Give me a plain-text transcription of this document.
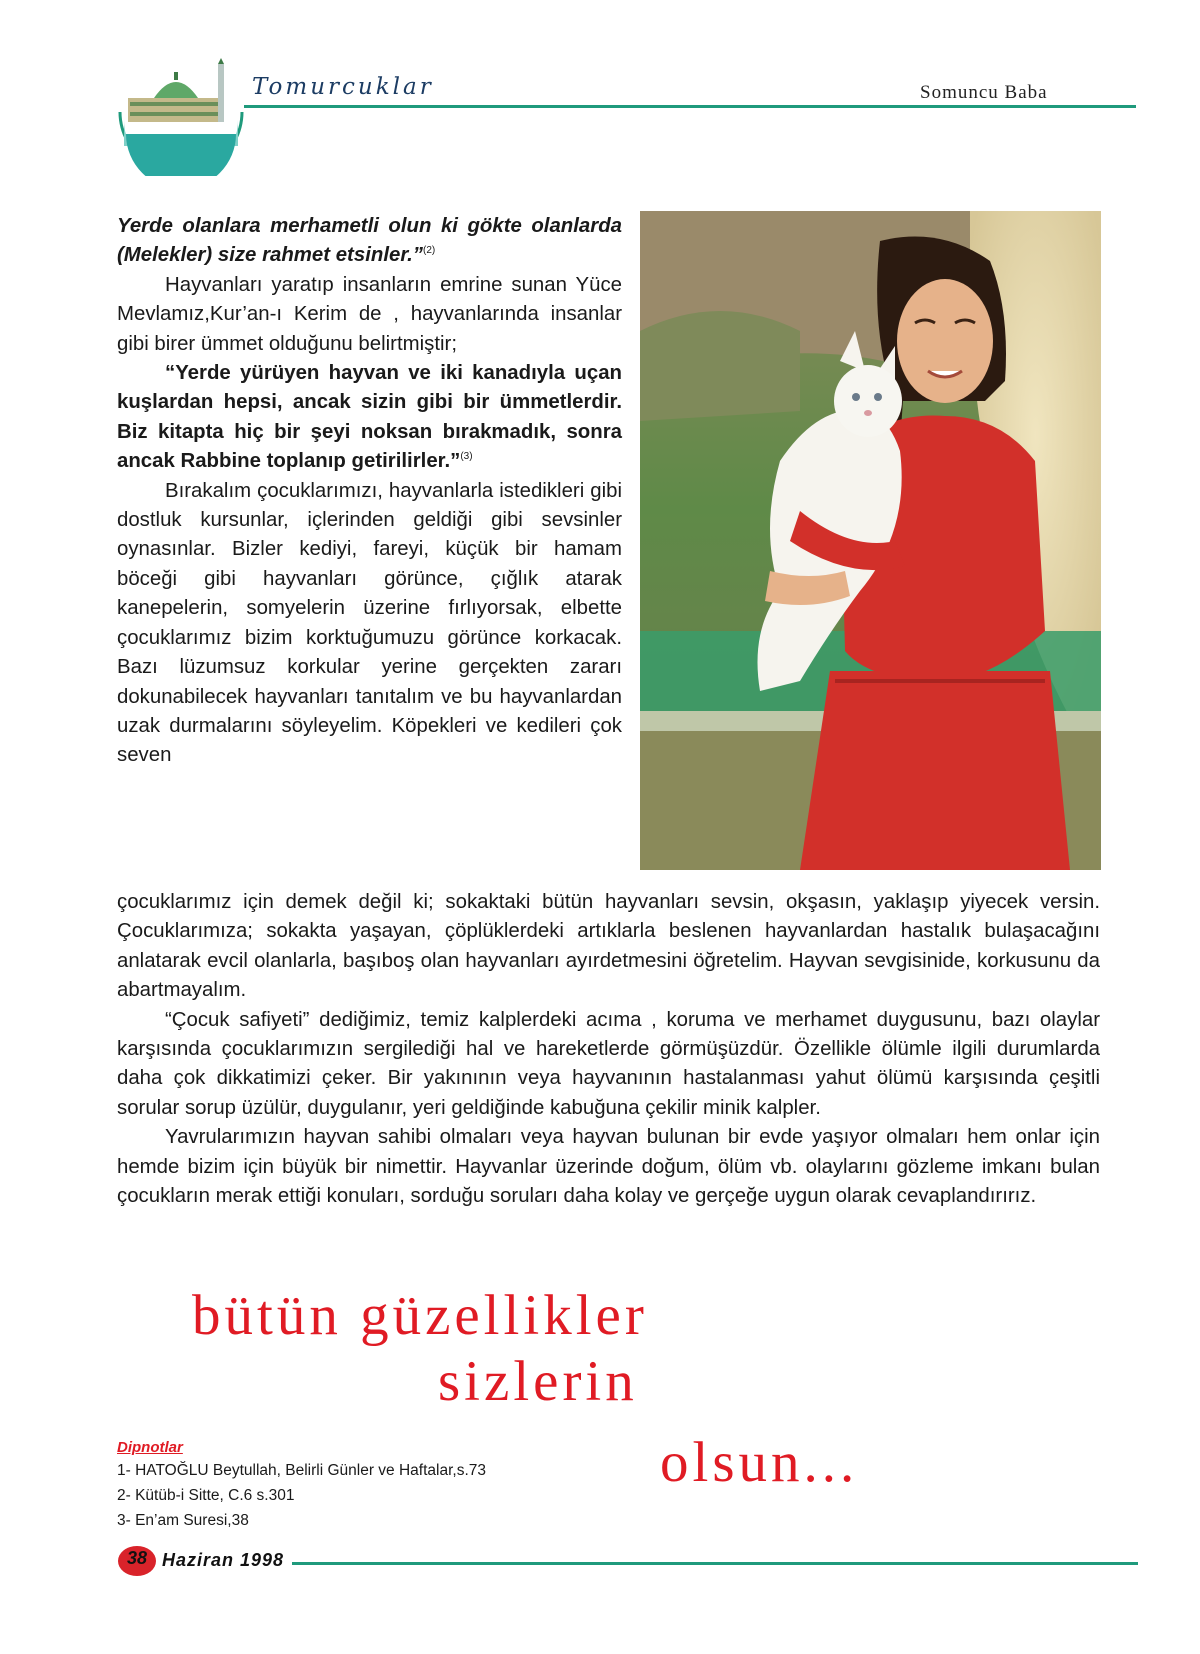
Tomurcuklar	Somuncu Baba

Yerde olanlara merhametli olun ki gökte olanlarda (Melekler) size rahmet etsinler.”$^{(2)}$

Hayvanları yaratıp insanların emrine sunan Yüce Mevlamız,Kur’an-ı Kerim de , hayvanlarında insanlar gibi birer ümmet olduğunu belirtmiştir;

“Yerde yürüyen hayvan ve iki kanadıyla uçan kuşlardan hepsi, ancak sizin gibi bir ümmetlerdir. Biz kitapta hiç bir şeyi noksan bırakmadık, sonra ancak Rabbine toplanıp getirilirler.”$^{(3)}$

Bırakalım çocuklarımızı, hayvanlarla istedikleri gibi dostluk kursunlar, içlerinden geldiği gibi sevsinler oynasınlar. Bizler kediyi, fareyi, küçük bir hamam böceği gibi hayvanları görünce, çığlık atarak kanepelerin, somyelerin üzerine fırlıyorsak, elbette çocuklarımız bizim korktuğumuzu görünce korkacak. Bazı lüzumsuz korkular yerine gerçekten zararı dokunabilecek hayvanları tanıtalım ve bu hayvanlardan uzak durmalarını söyleyelim. Köpekleri ve kedileri çok seven

çocuklarımız için demek değil ki; sokaktaki bütün hayvanları sevsin, okşasın, yaklaşıp yiyecek versin. Çocuklarımıza; sokakta yaşayan, çöplüklerdeki artıklarla beslenen hayvanlardan hastalık bulaşacağını anlatarak evcil olanlarla, başıboş olan hayvanları ayırdetmesini öğretelim. Hayvan sevgisinide, korkusunu da abartmayalım.

“Çocuk safiyeti” dediğimiz, temiz kalplerdeki acıma , koruma ve merhamet duygusunu, bazı olaylar karşısında çocuklarımızın sergilediği hal ve hareketlerde görmüşüzdür. Özellikle ölümle ilgili durumlarda daha çok dikkatimizi çeker. Bir yakınının veya hayvanının hastalanması yahut ölümü karşısında çeşitli sorular sorup üzülür, duygulanır, yeri geldiğinde kabuğuna çekilir minik kalpler.

Yavrularımızın hayvan sahibi olmaları veya hayvan bulunan bir evde yaşıyor olmaları hem onlar için hemde bizim için büyük bir nimettir. Hayvanlar üzerinde doğum, ölüm vb. olaylarını gözleme imkanı bulan çocukların merak ettiği konuları, sorduğu soruları daha kolay ve gerçeğe uygun olarak cevaplandırırız.

bütün güzellikler
sizlerin
olsun...
Dipnotlar
1- HATOĞLU Beytullah, Belirli Günler ve Haftalar,s.73
2- Kütüb-i Sitte, C.6 s.301
3- En’am Suresi,38
38 Haziran 1998
